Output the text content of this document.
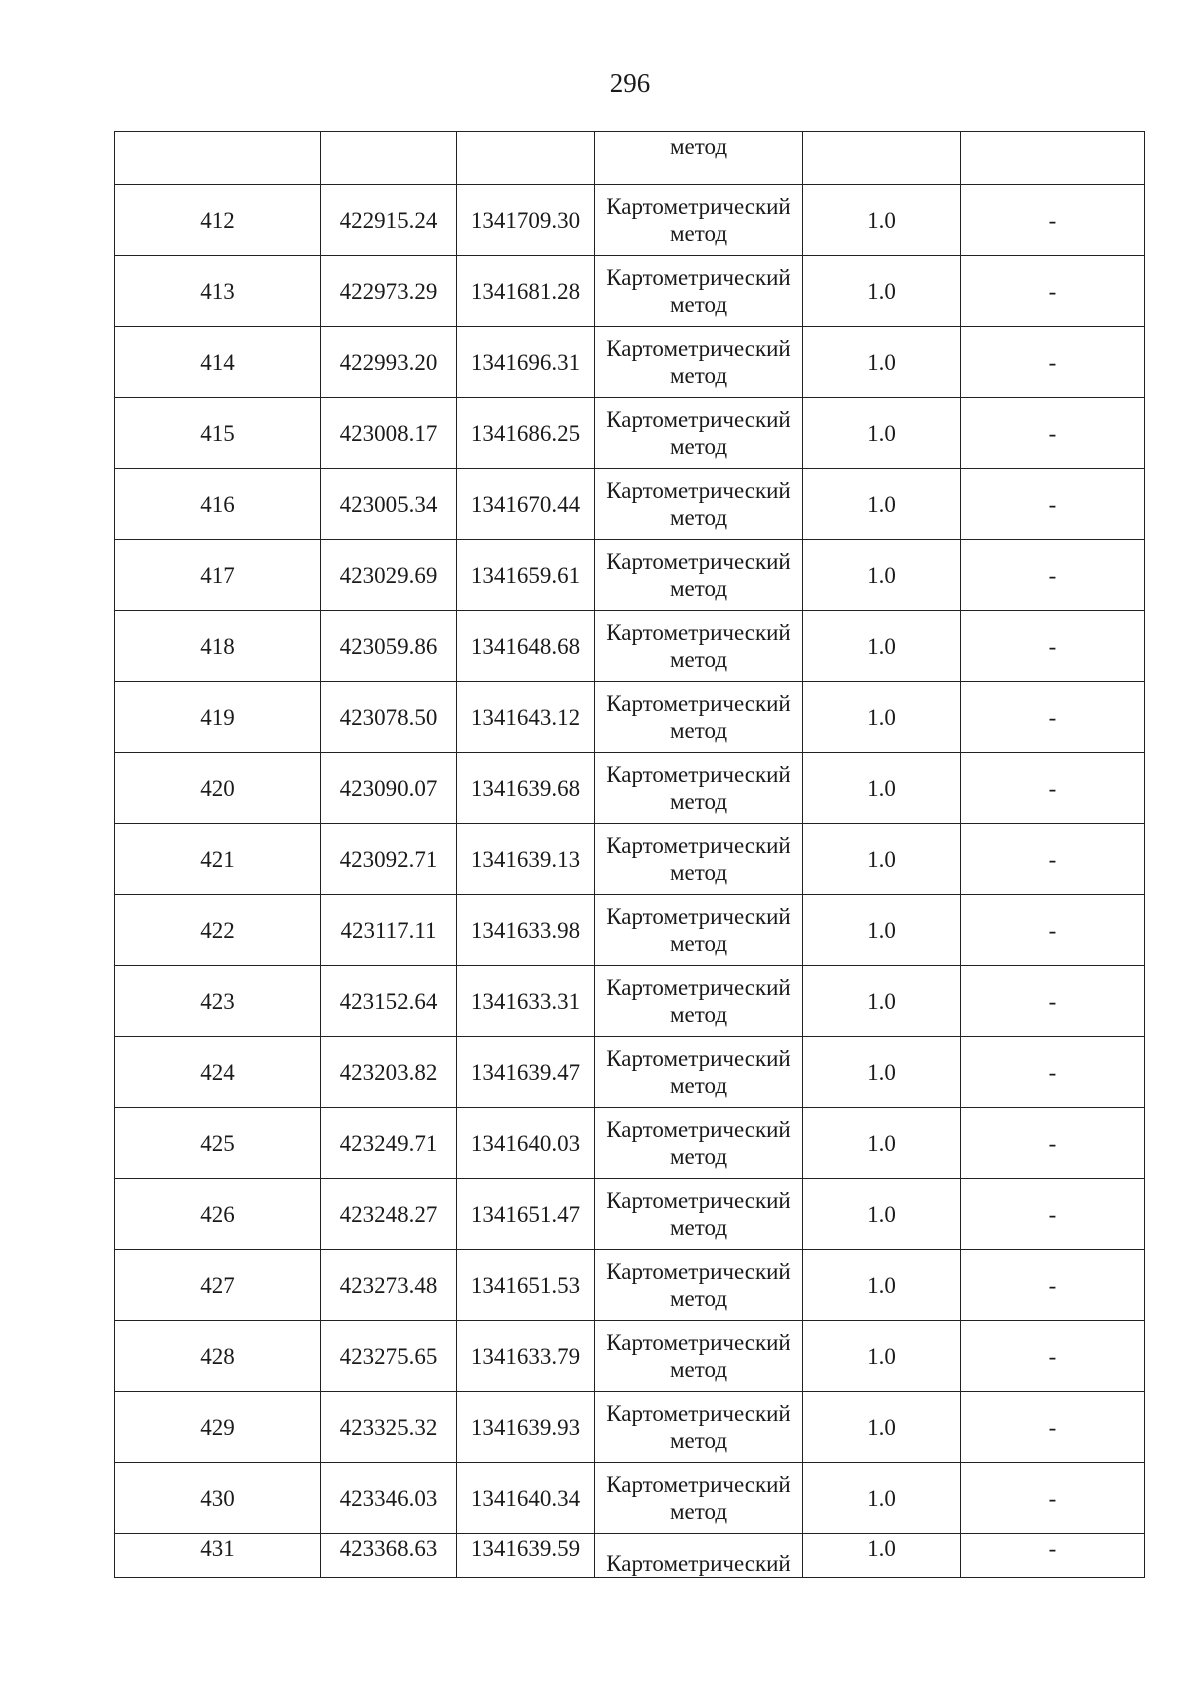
296
			метод		
412	422915.24	1341709.30	Картометрический
метод	1.0	-
413	422973.29	1341681.28	Картометрический
метод	1.0	-
414	422993.20	1341696.31	Картометрический
метод	1.0	-
415	423008.17	1341686.25	Картометрический
метод	1.0	-
416	423005.34	1341670.44	Картометрический
метод	1.0	-
417	423029.69	1341659.61	Картометрический
метод	1.0	-
418	423059.86	1341648.68	Картометрический
метод	1.0	-
419	423078.50	1341643.12	Картометрический
метод	1.0	-
420	423090.07	1341639.68	Картометрический
метод	1.0	-
421	423092.71	1341639.13	Картометрический
метод	1.0	-
422	423117.11	1341633.98	Картометрический
метод	1.0	-
423	423152.64	1341633.31	Картометрический
метод	1.0	-
424	423203.82	1341639.47	Картометрический
метод	1.0	-
425	423249.71	1341640.03	Картометрический
метод	1.0	-
426	423248.27	1341651.47	Картометрический
метод	1.0	-
427	423273.48	1341651.53	Картометрический
метод	1.0	-
428	423275.65	1341633.79	Картометрический
метод	1.0	-
429	423325.32	1341639.93	Картометрический
метод	1.0	-
430	423346.03	1341640.34	Картометрический
метод	1.0	-
431	423368.63	1341639.59	Картометрический	1.0	-
